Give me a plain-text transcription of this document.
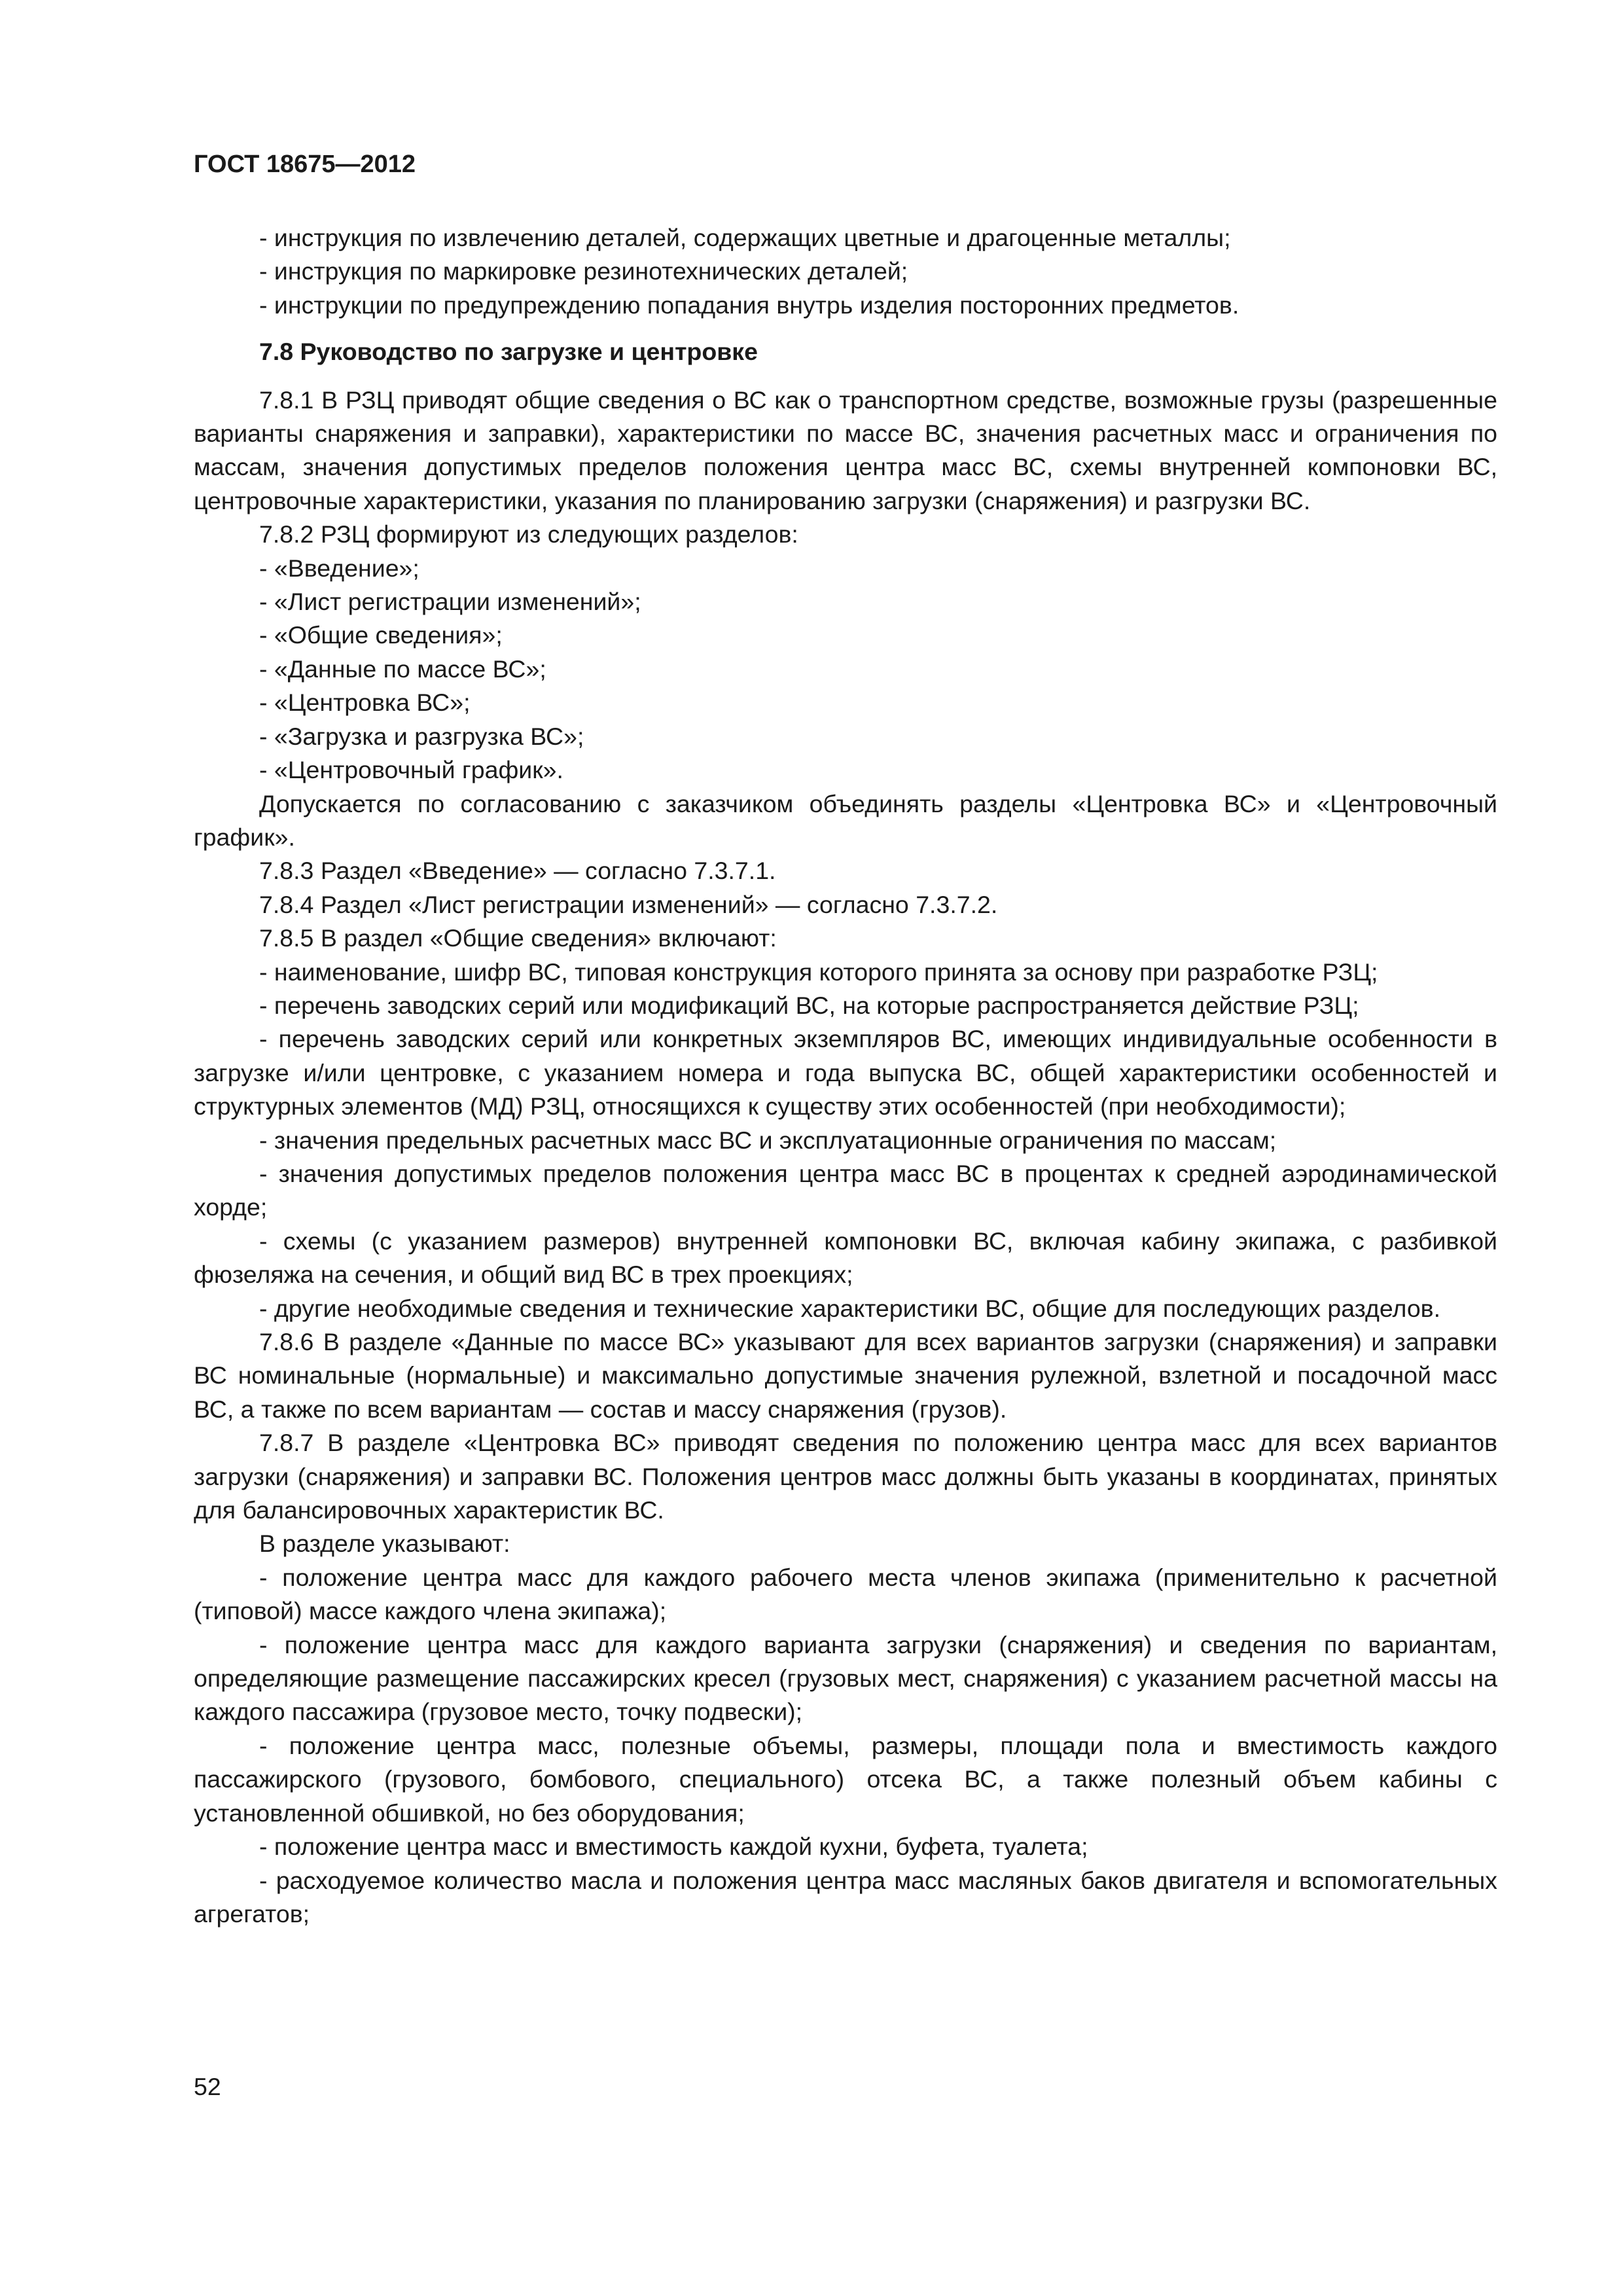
ГОСТ 18675—2012

- инструкция по извлечению деталей, содержащих цветные и драгоценные металлы;

- инструкция по маркировке резинотехнических деталей;

- инструкции по предупреждению попадания внутрь изделия посторонних предметов.

7.8 Руководство по загрузке и центровке

7.8.1 В РЗЦ приводят общие сведения о ВС как о транспортном средстве, возможные грузы (разрешенные варианты снаряжения и заправки), характеристики по массе ВС, значения расчетных масс и ограничения по массам, значения допустимых пределов положения центра масс ВС, схемы внутренней компоновки ВС, центровочные характеристики, указания по планированию загрузки (снаряжения) и разгрузки ВС.

7.8.2 РЗЦ формируют из следующих разделов:

- «Введение»;

- «Лист регистрации изменений»;

- «Общие сведения»;

- «Данные по массе ВС»;

- «Центровка ВС»;

- «Загрузка и разгрузка ВС»;

- «Центровочный график».

Допускается по согласованию с заказчиком объединять разделы «Центровка ВС» и «Центровочный график».

7.8.3 Раздел «Введение» — согласно 7.3.7.1.

7.8.4 Раздел «Лист регистрации изменений» — согласно 7.3.7.2.

7.8.5 В раздел «Общие сведения» включают:

- наименование, шифр ВС, типовая конструкция которого принята за основу при разработке РЗЦ;

- перечень заводских серий или модификаций ВС, на которые распространяется действие РЗЦ;

- перечень заводских серий или конкретных экземпляров ВС, имеющих индивидуальные особенности в загрузке и/или центровке, с указанием номера и года выпуска ВС, общей характеристики особенностей и структурных элементов (МД) РЗЦ, относящихся к существу этих особенностей (при необходимости);

- значения предельных расчетных масс ВС и эксплуатационные ограничения по массам;

- значения допустимых пределов положения центра масс ВС в процентах к средней аэродинамической хорде;

- схемы (с указанием размеров) внутренней компоновки ВС, включая кабину экипажа, с разбивкой фюзеляжа на сечения, и общий вид ВС в трех проекциях;

- другие необходимые сведения и технические характеристики ВС, общие для последующих разделов.

7.8.6 В разделе «Данные по массе ВС» указывают для всех вариантов загрузки (снаряжения) и заправки ВС номинальные (нормальные) и максимально допустимые значения рулежной, взлетной и посадочной масс ВС, а также по всем вариантам — состав и массу снаряжения (грузов).

7.8.7 В разделе «Центровка ВС» приводят сведения по положению центра масс для всех вариантов загрузки (снаряжения) и заправки ВС. Положения центров масс должны быть указаны в координатах, принятых для балансировочных характеристик ВС.

В разделе указывают:

- положение центра масс для каждого рабочего места членов экипажа (применительно к расчетной (типовой) массе каждого члена экипажа);

- положение центра масс для каждого варианта загрузки (снаряжения) и сведения по вариантам, определяющие размещение пассажирских кресел (грузовых мест, снаряжения) с указанием расчетной массы на каждого пассажира (грузовое место, точку подвески);

- положение центра масс, полезные объемы, размеры, площади пола и вместимость каждого пассажирского (грузового, бомбового, специального) отсека ВС, а также полезный объем кабины с установленной обшивкой, но без оборудования;

- положение центра масс и вместимость каждой кухни, буфета, туалета;

- расходуемое количество масла и положения центра масс масляных баков двигателя и вспомогательных агрегатов;

52
